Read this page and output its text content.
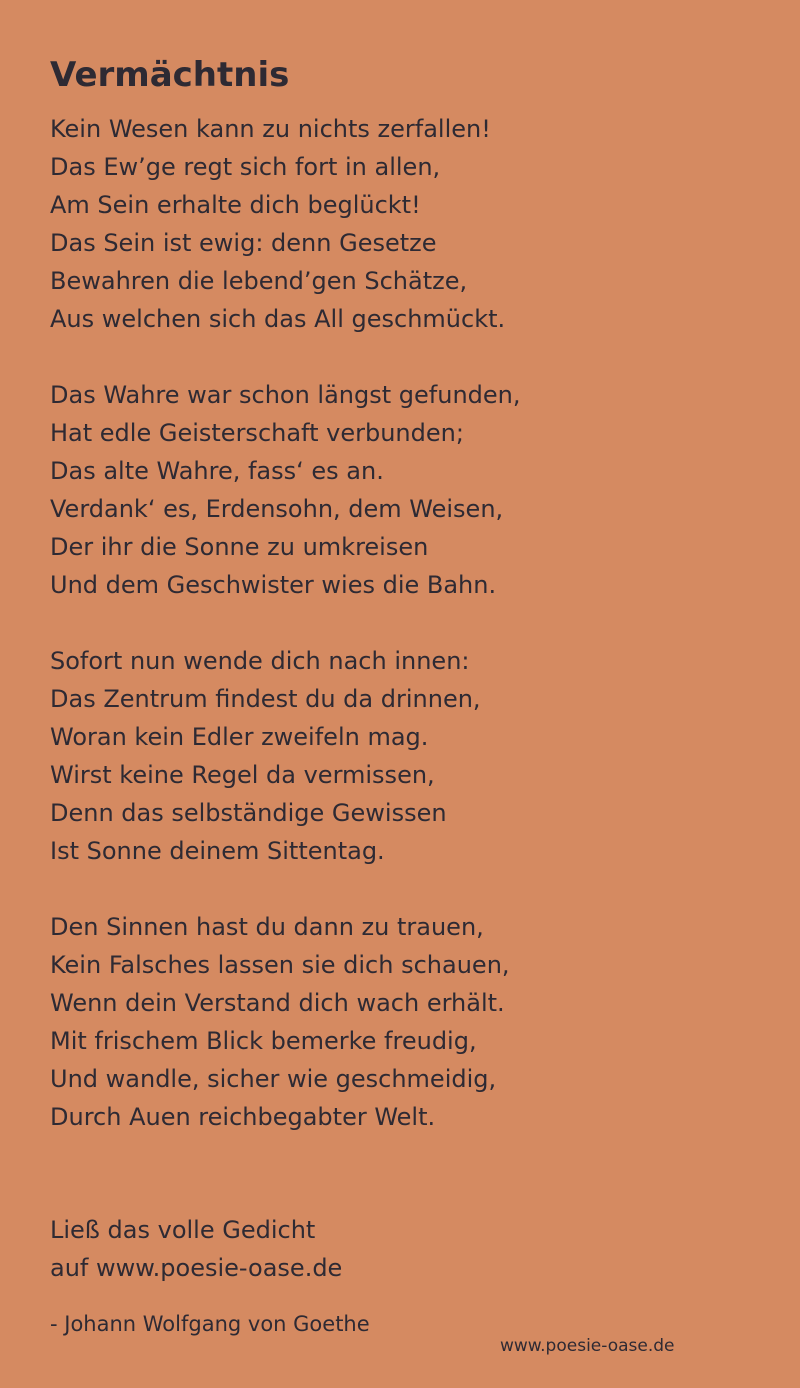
Vermächtnis
Kein Wesen kann zu nichts zerfallen!
Das Ew’ge regt sich fort in allen,
Am Sein erhalte dich beglückt!
Das Sein ist ewig: denn Gesetze
Bewahren die lebend’gen Schätze,
Aus welchen sich das All geschmückt.
Das Wahre war schon längst gefunden,
Hat edle Geisterschaft verbunden;
Das alte Wahre, fass‘ es an.
Verdank‘ es, Erdensohn, dem Weisen,
Der ihr die Sonne zu umkreisen
Und dem Geschwister wies die Bahn.
Sofort nun wende dich nach innen:
Das Zentrum findest du da drinnen,
Woran kein Edler zweifeln mag.
Wirst keine Regel da vermissen,
Denn das selbständige Gewissen
Ist Sonne deinem Sittentag.
Den Sinnen hast du dann zu trauen,
Kein Falsches lassen sie dich schauen,
Wenn dein Verstand dich wach erhält.
Mit frischem Blick bemerke freudig,
Und wandle, sicher wie geschmeidig,
Durch Auen reichbegabter Welt.
Ließ das volle Gedicht
auf www.poesie-oase.de
- Johann Wolfgang von Goethe
www.poesie-oase.de
